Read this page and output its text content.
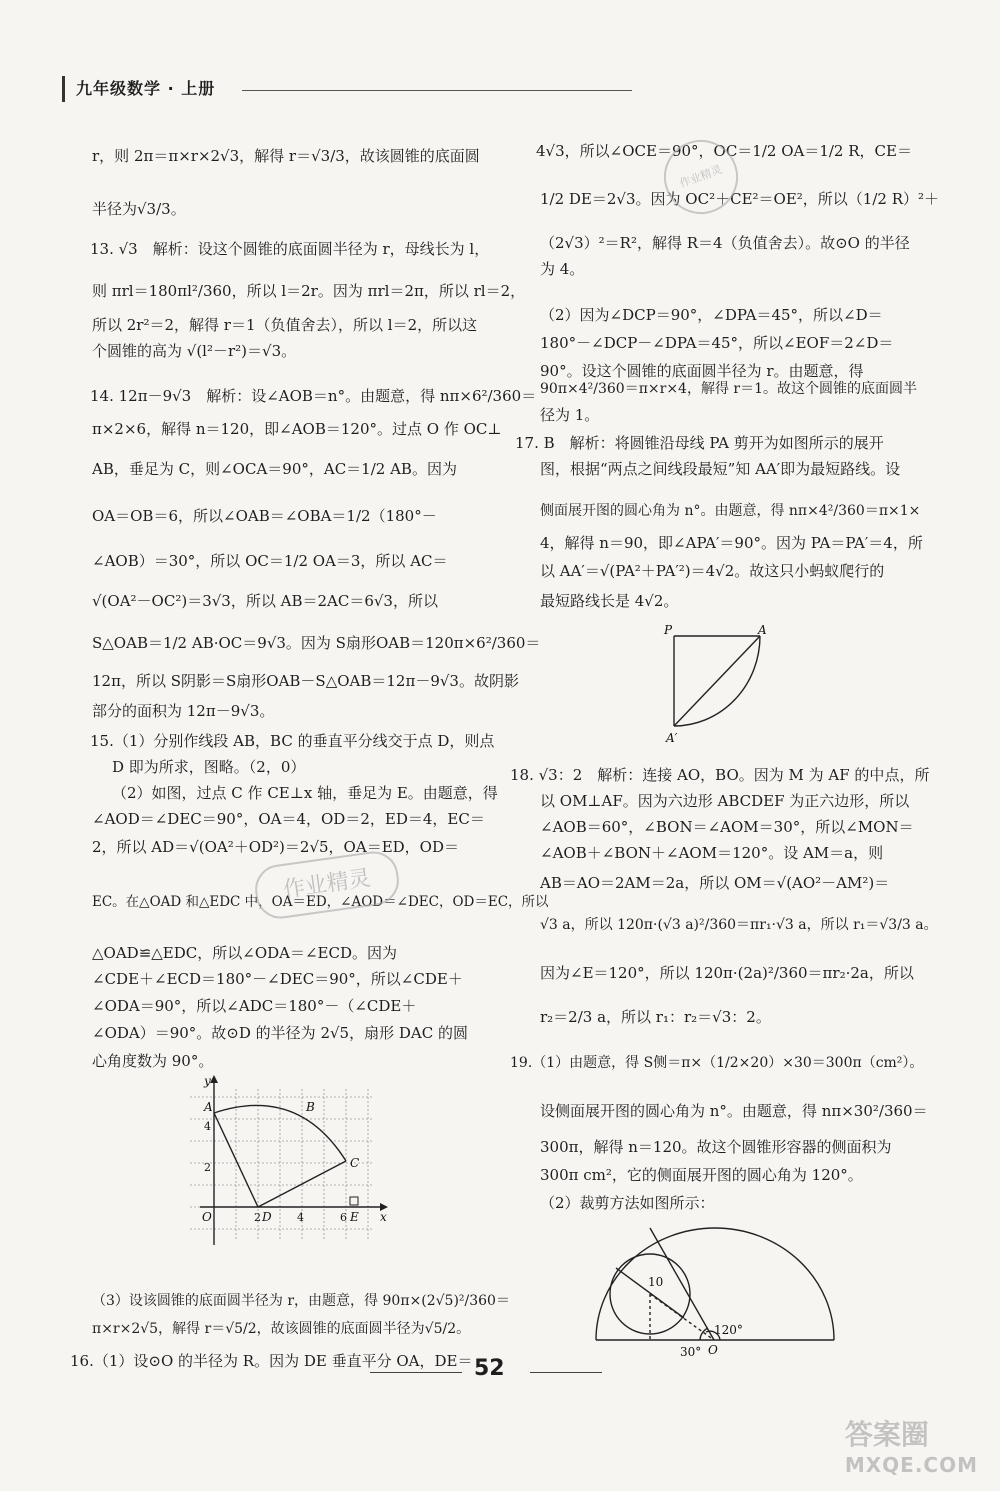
九年级数学 · 上册
r，则 2π＝π×r×2√3，解得 r＝√3/3，故该圆锥的底面圆
半径为√3/3。
13. √3　解析：设这个圆锥的底面圆半径为 r，母线长为 l，
则 πrl＝180πl²/360，所以 l＝2r。因为 πrl＝2π，所以 rl＝2，
所以 2r²＝2，解得 r＝1（负值舍去），所以 l＝2，所以这
个圆锥的高为 √(l²－r²)＝√3。
14. 12π－9√3　解析：设∠AOB＝n°。由题意，得 nπ×6²/360＝
π×2×6，解得 n＝120，即∠AOB＝120°。过点 O 作 OC⊥
AB，垂足为 C，则∠OCA＝90°，AC＝1/2 AB。因为
OA＝OB＝6，所以∠OAB＝∠OBA＝1/2（180°－
∠AOB）＝30°，所以 OC＝1/2 OA＝3，所以 AC＝
√(OA²－OC²)＝3√3，所以 AB＝2AC＝6√3，所以
S△OAB＝1/2 AB·OC＝9√3。因为 S扇形OAB＝120π×6²/360＝
12π，所以 S阴影＝S扇形OAB－S△OAB＝12π－9√3。故阴影
部分的面积为 12π－9√3。
15.（1）分别作线段 AB，BC 的垂直平分线交于点 D，则点
D 即为所求，图略。（2，0）
（2）如图，过点 C 作 CE⊥x 轴，垂足为 E。由题意，得
∠AOD＝∠DEC＝90°，OA＝4，OD＝2，ED＝4，EC＝
2，所以 AD＝√(OA²＋OD²)＝2√5，OA＝ED，OD＝
EC。在△OAD 和△EDC 中，OA＝ED，∠AOD＝∠DEC，OD＝EC，所以
△OAD≌△EDC，所以∠ODA＝∠ECD。因为
∠CDE＋∠ECD＝180°－∠DEC＝90°，所以∠CDE＋
∠ODA＝90°，所以∠ADC＝180°－（∠CDE＋
∠ODA）＝90°。故⊙D 的半径为 2√5，扇形 DAC 的圆
心角度数为 90°。
（3）设该圆锥的底面圆半径为 r，由题意，得 90π×(2√5)²/360＝
π×r×2√5，解得 r＝√5/2，故该圆锥的底面圆半径为√5/2。
16.（1）设⊙O 的半径为 R。因为 DE 垂直平分 OA，DE＝
y
A	B
C
D	E
O	x
4
2
2	4	6
4√3，所以∠OCE＝90°，OC＝1/2 OA＝1/2 R，CE＝
1/2 DE＝2√3。因为 OC²＋CE²＝OE²，所以（1/2 R）²＋
（2√3）²＝R²，解得 R＝4（负值舍去）。故⊙O 的半径
为 4。
（2）因为∠DCP＝90°，∠DPA＝45°，所以∠D＝
180°－∠DCP－∠DPA＝45°，所以∠EOF＝2∠D＝
90°。设这个圆锥的底面圆半径为 r。由题意，得
90π×4²/360＝π×r×4，解得 r＝1。故这个圆锥的底面圆半
径为 1。
17. B　解析：将圆锥沿母线 PA 剪开为如图所示的展开
图，根据“两点之间线段最短”知 AA′即为最短路线。设
侧面展开图的圆心角为 n°。由题意，得 nπ×4²/360＝π×1×
4，解得 n＝90，即∠APA′＝90°。因为 PA＝PA′＝4，所
以 AA′＝√(PA²＋PA′²)＝4√2。故这只小蚂蚁爬行的
最短路线长是 4√2。
18. √3：2　解析：连接 AO，BO。因为 M 为 AF 的中点，所
以 OM⊥AF。因为六边形 ABCDEF 为正六边形，所以
∠AOB＝60°，∠BON＝∠AOM＝30°，所以∠MON＝
∠AOB＋∠BON＋∠AOM＝120°。设 AM＝a，则
AB＝AO＝2AM＝2a，所以 OM＝√(AO²－AM²)＝
√3 a，所以 120π·(√3 a)²/360＝πr₁·√3 a，所以 r₁＝√3/3 a。
因为∠E＝120°，所以 120π·(2a)²/360＝πr₂·2a，所以
r₂＝2/3 a，所以 r₁：r₂＝√3：2。
19.（1）由题意，得 S侧＝π×（1/2×20）×30＝300π（cm²）。
设侧面展开图的圆心角为 n°。由题意，得 nπ×30²/360＝
300π，解得 n＝120。故这个圆锥形容器的侧面积为
300π cm²，它的侧面展开图的圆心角为 120°。
（2）裁剪方法如图所示：
P	A
A′
10
120°
30° O
作业精灵
作业精灵
52
答案圈
MXQE.COM
